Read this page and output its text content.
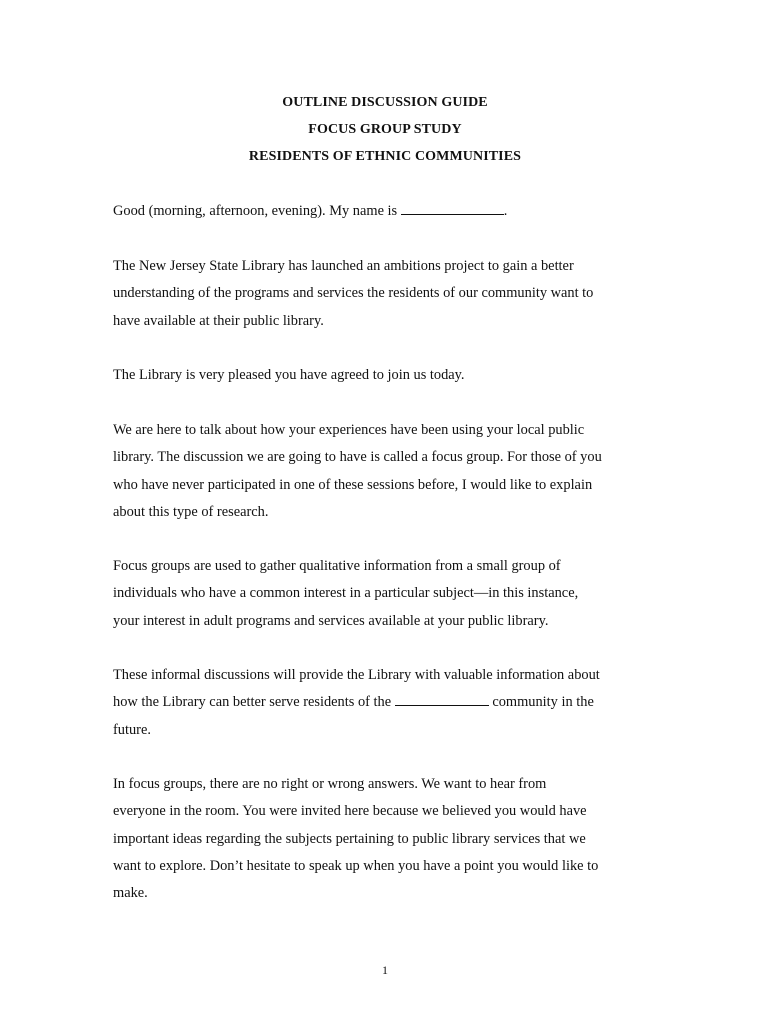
OUTLINE DISCUSSION GUIDE
FOCUS GROUP STUDY
RESIDENTS OF ETHNIC COMMUNITIES

Good (morning, afternoon, evening). My name is	.

The New Jersey State Library has launched an ambitions project to gain a better
understanding of the programs and services the residents of our community want to
have available at their public library.

The Library is very pleased you have agreed to join us today.

We are here to talk about how your experiences have been using your local public
library. The discussion we are going to have is called a focus group. For those of you
who have never participated in one of these sessions before, I would like to explain
about this type of research.

Focus groups are used to gather qualitative information from a small group of
individuals who have a common interest in a particular subject—in this instance,
your interest in adult programs and services available at your public library.

These informal discussions will provide the Library with valuable information about
how the Library can better serve residents of the	community in the
future.

In focus groups, there are no right or wrong answers. We want to hear from
everyone in the room. You were invited here because we believed you would have
important ideas regarding the subjects pertaining to public library services that we
want to explore. Don’t hesitate to speak up when you have a point you would like to
make.

1
